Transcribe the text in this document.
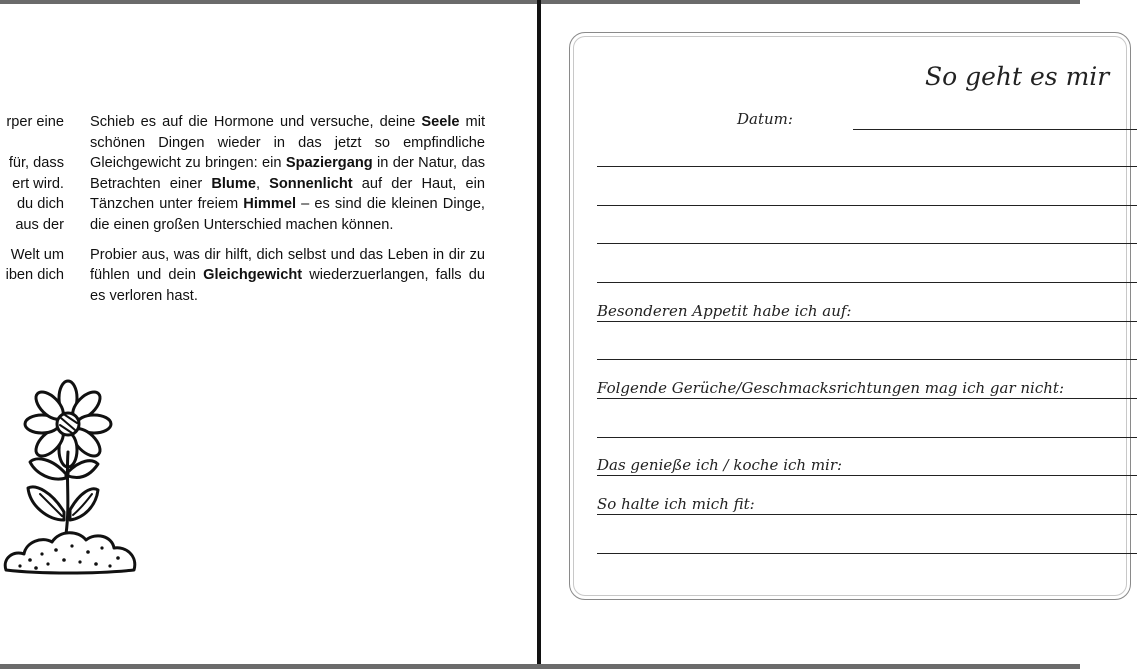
rper eine
für, dass
ert wird.
du dich
aus der
Welt um
iben dich

Schieb es auf die Hormone und versuche, deine Seele mit schönen Dingen wieder in das jetzt so empfindliche Gleichgewicht zu bringen: ein Spaziergang in der Natur, das Betrachten einer Blume, Sonnenlicht auf der Haut, ein Tänzchen unter freiem Himmel – es sind die kleinen Dinge, die einen großen Unterschied machen können.

Probier aus, was dir hilft, dich selbst und das Leben in dir zu fühlen und dein Gleichgewicht wiederzuerlangen, falls du es verloren hast.

So geht es mir
Datum:
Besonderen Appetit habe ich auf:
Folgende Gerüche/Geschmacksrichtungen mag ich gar nicht:
Das genieße ich / koche ich mir:
So halte ich mich fit:
